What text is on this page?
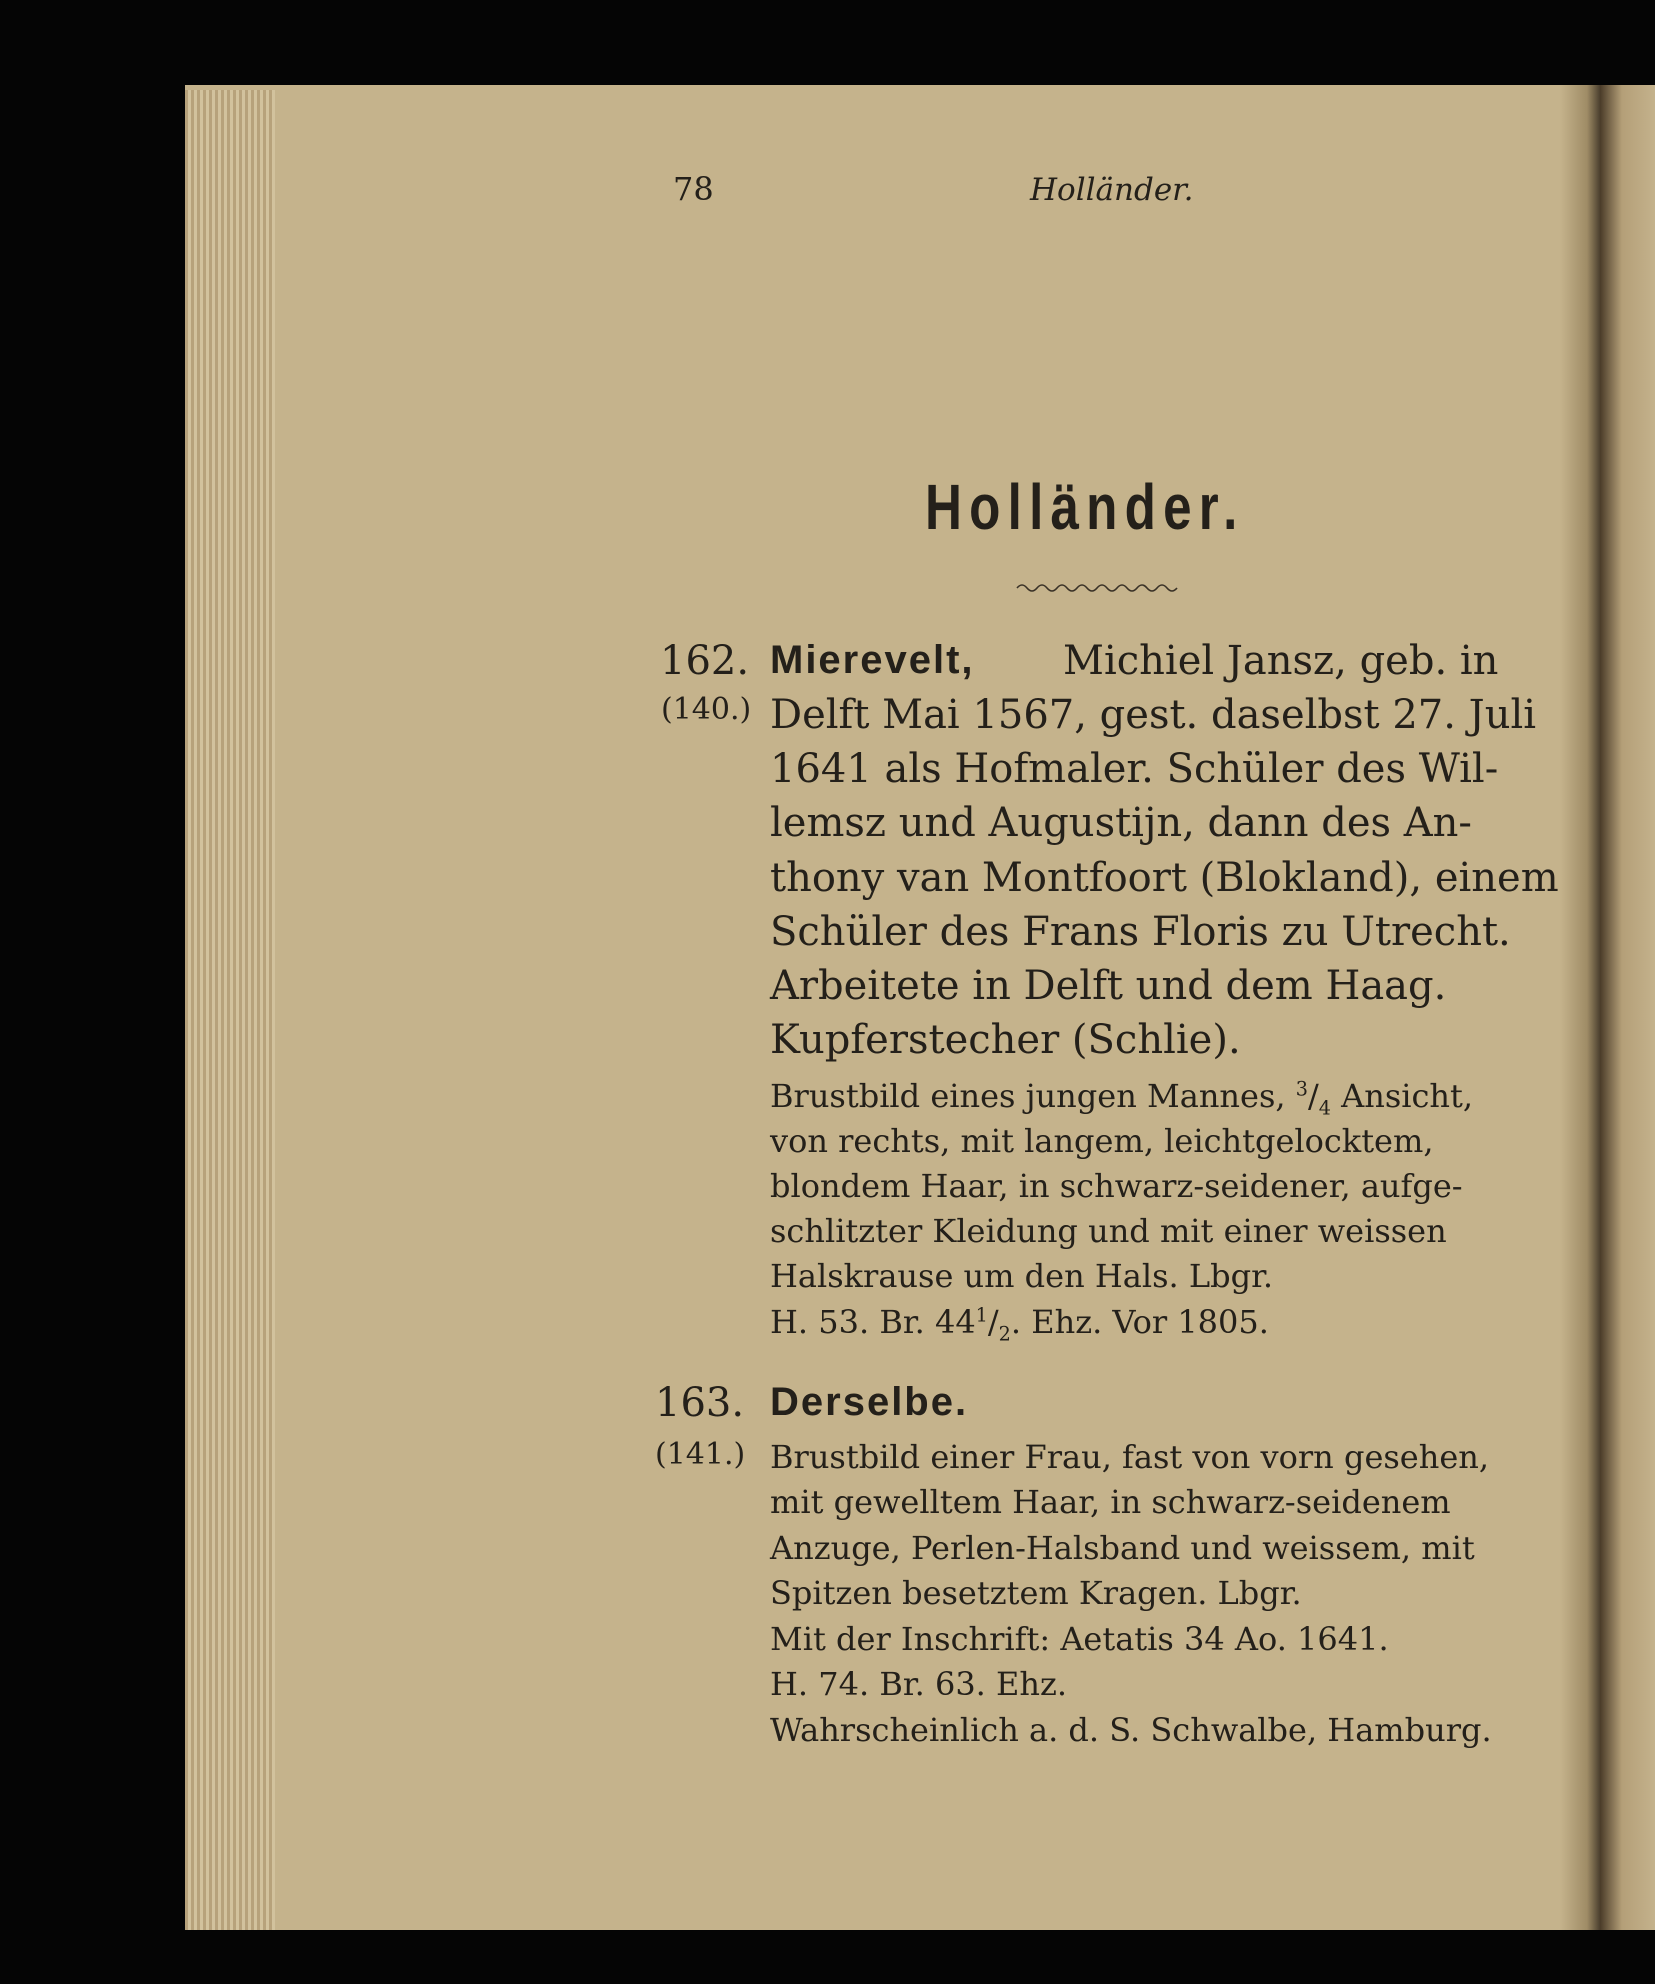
78	Holländer.
Holländer.
162.
(140.)
Mierevelt, Michiel Jansz, geb. in
Delft Mai 1567, gest. daselbst 27. Juli
1641 als Hofmaler. Schüler des Wil-
lemsz und Augustijn, dann des An-
thony van Montfoort (Blokland), einem
Schüler des Frans Floris zu Utrecht.
Arbeitete in Delft und dem Haag.
Kupferstecher (Schlie).
Brustbild eines jungen Mannes, $^3/_4$ Ansicht,
von rechts, mit langem, leichtgelocktem,
blondem Haar, in schwarz-seidener, aufge-
schlitzter Kleidung und mit einer weissen
Halskrause um den Hals. Lbgr.
H. 53. Br. $44^1/_2$. Ehz. Vor 1805.
163.
(141.)
Derselbe.
Brustbild einer Frau, fast von vorn gesehen,
mit gewelltem Haar, in schwarz-seidenem
Anzuge, Perlen-Halsband und weissem, mit
Spitzen besetztem Kragen. Lbgr.
Mit der Inschrift: Aetatis 34 Ao. 1641.
H. 74. Br. 63. Ehz.
Wahrscheinlich a. d. S. Schwalbe, Hamburg.
